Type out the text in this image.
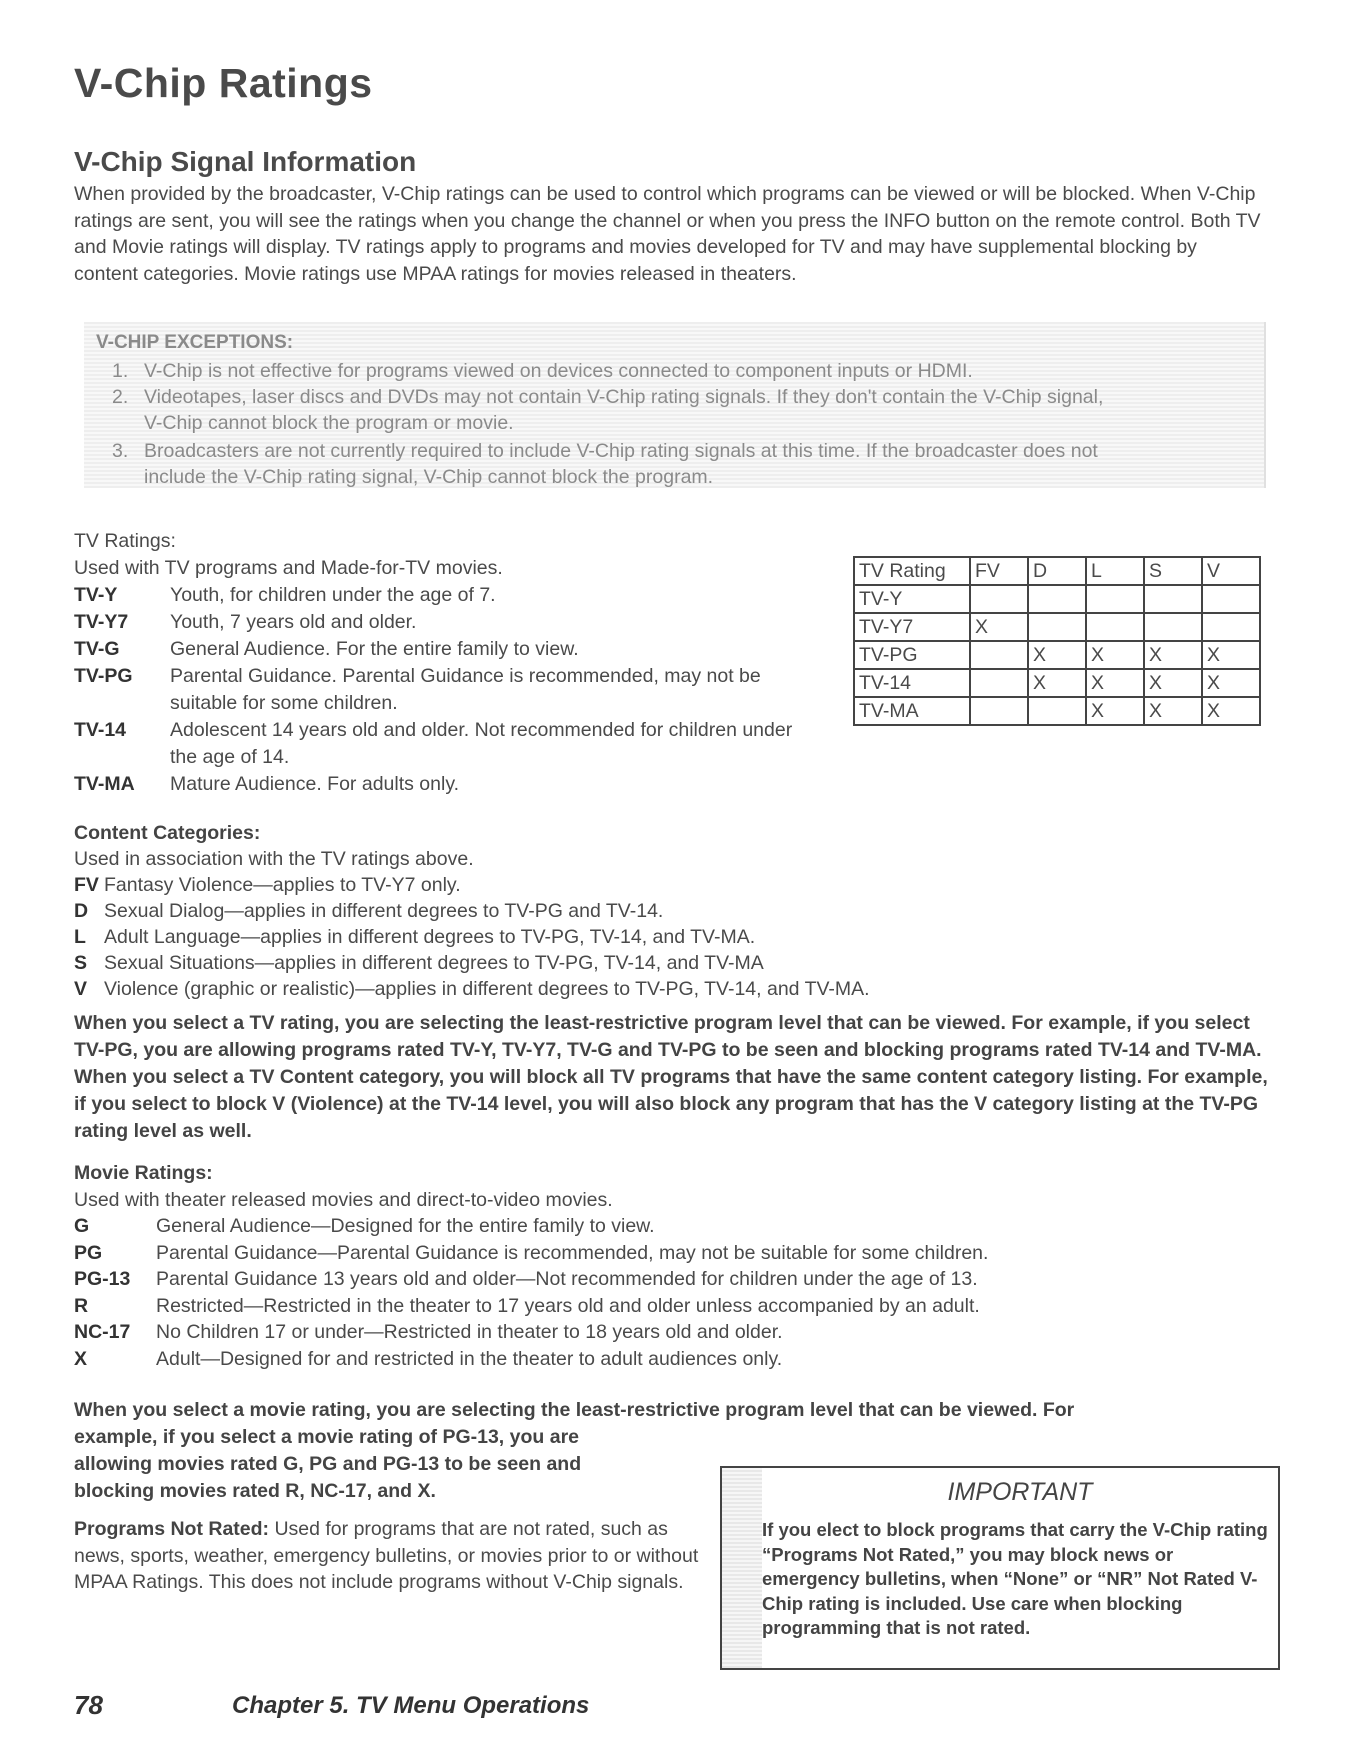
V-Chip Ratings
V-Chip Signal Information

When provided by the broadcaster, V-Chip ratings can be used to control which programs can be viewed or will be blocked. When V-Chip ratings are sent, you will see the ratings when you change the channel or when you press the INFO button on the remote control. Both TV and Movie ratings will display. TV ratings apply to programs and movies developed for TV and may have supplemental blocking by content categories. Movie ratings use MPAA ratings for movies released in theaters.

V-CHIP EXCEPTIONS:
1. V-Chip is not effective for programs viewed on devices connected to component inputs or HDMI.
2. Videotapes, laser discs and DVDs may not contain V-Chip rating signals. If they don't contain the V-Chip signal,
V-Chip cannot block the program or movie.
3. Broadcasters are not currently required to include V-Chip rating signals at this time. If the broadcaster does not
include the V-Chip rating signal, V-Chip cannot block the program.
TV Ratings:
Used with TV programs and Made-for-TV movies.
TV-Y	Youth, for children under the age of 7.
TV-Y7	Youth, 7 years old and older.
TV-G	General Audience. For the entire family to view.
TV-PG	Parental Guidance. Parental Guidance is recommended, may not be suitable for some children.
TV-14	Adolescent 14 years old and older. Not recommended for children under the age of 14.
TV-MA	Mature Audience. For adults only.
TV Rating	FV	D	L	S	V
TV-Y					
TV-Y7	X				
TV-PG		X	X	X	X
TV-14		X	X	X	X
TV-MA			X	X	X
Content Categories:
Used in association with the TV ratings above.
FV Fantasy Violence—applies to TV-Y7 only.
D Sexual Dialog—applies in different degrees to TV-PG and TV-14.
L Adult Language—applies in different degrees to TV-PG, TV-14, and TV-MA.
S Sexual Situations—applies in different degrees to TV-PG, TV-14, and TV-MA
V Violence (graphic or realistic)—applies in different degrees to TV-PG, TV-14, and TV-MA.

When you select a TV rating, you are selecting the least-restrictive program level that can be viewed. For example, if you select TV-PG, you are allowing programs rated TV-Y, TV-Y7, TV-G and TV-PG to be seen and blocking programs rated TV-14 and TV-MA. When you select a TV Content category, you will block all TV programs that have the same content category listing. For example, if you select to block V (Violence) at the TV-14 level, you will also block any program that has the V category listing at the TV-PG rating level as well.

Movie Ratings:
Used with theater released movies and direct-to-video movies.
G	General Audience—Designed for the entire family to view.
PG	Parental Guidance—Parental Guidance is recommended, may not be suitable for some children.
PG-13	Parental Guidance 13 years old and older—Not recommended for children under the age of 13.
R	Restricted—Restricted in the theater to 17 years old and older unless accompanied by an adult.
NC-17	No Children 17 or under—Restricted in theater to 18 years old and older.
X	Adult—Designed for and restricted in the theater to adult audiences only.
When you select a movie rating, you are selecting the least-restrictive program level that can be viewed. For
example, if you select a movie rating of PG-13, you are
allowing movies rated G, PG and PG-13 to be seen and
blocking movies rated R, NC-17, and X.
Programs Not Rated: Used for programs that are not rated, such as news, sports, weather, emergency bulletins, or movies prior to or without MPAA Ratings. This does not include programs without V-Chip signals.
IMPORTANT
If you elect to block programs that carry the V-Chip rating “Programs Not Rated,” you may block news or emergency bulletins, when “None” or “NR” Not Rated V-Chip rating is included. Use care when blocking programming that is not rated.
78	Chapter 5. TV Menu Operations
